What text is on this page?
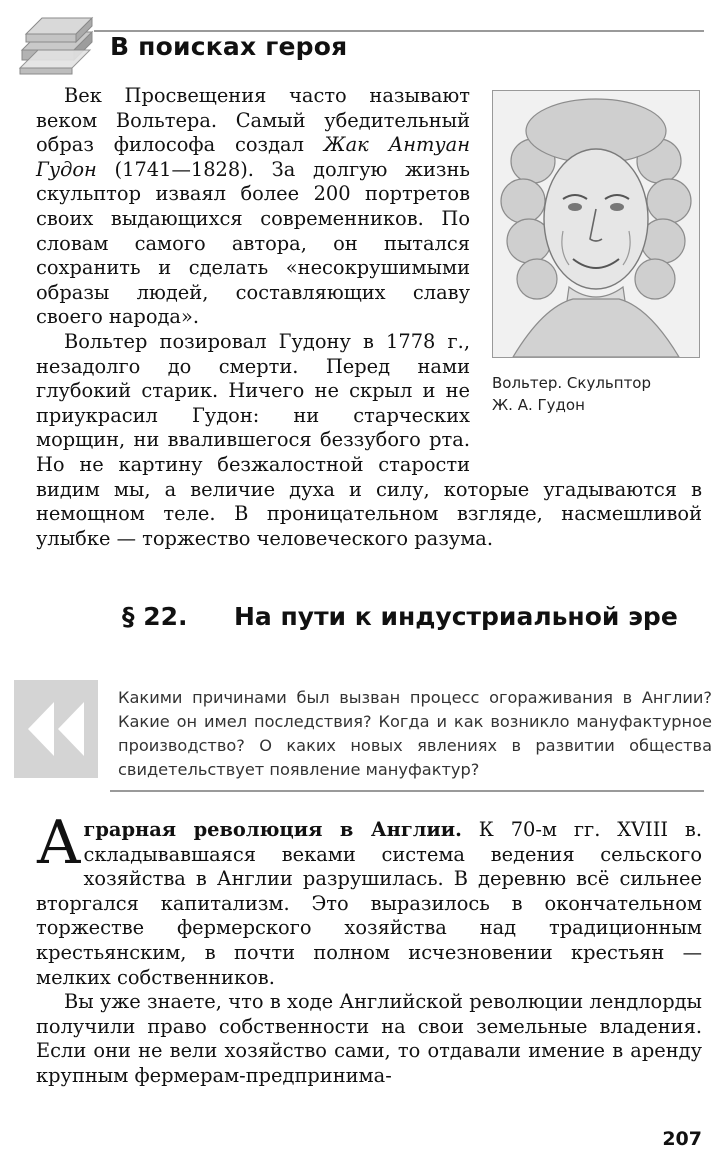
В поисках героя
Вольтер. Скульптор
Ж. А. Гудон

Век Просвещения часто называют веком Вольтера. Самый убедительный образ философа создал Жак Антуан Гудон (1741—1828). За долгую жизнь скульптор изваял более 200 портретов своих выдающихся современников. По словам самого автора, он пытался сохранить и сделать «несокрушимыми образы людей, составляющих славу своего народа».

Вольтер позировал Гудону в 1778 г., незадолго до смерти. Перед нами глубокий старик. Ничего не скрыл и не приукрасил Гудон: ни старческих морщин, ни ввалившегося беззубого рта. Но не картину безжалостной старости видим мы, а величие духа и силу, которые угадываются в немощном теле. В проницательном взгляде, насмешливой улыбке — торжество человеческого разума.

§ 22. На пути к индустриальной эре

Какими причинами был вызван процесс огораживания в Англии? Какие он имел последствия? Когда и как возникло мануфактурное производство? О каких новых явлениях в развитии общества свидетельствует появление мануфактур?

Аграрная революция в Англии. К 70-м гг. XVIII в. складывавшаяся веками система ведения сельского хозяйства в Англии разрушилась. В деревню всё сильнее вторгался капитализм. Это выразилось в окончательном торжестве фермерского хозяйства над традиционным крестьянским, в почти полном исчезновении крестьян — мелких собственников.

Вы уже знаете, что в ходе Английской революции лендлорды получили право собственности на свои земельные владения. Если они не вели хозяйство сами, то отдавали имение в аренду крупным фермерам-предпринима-

207
